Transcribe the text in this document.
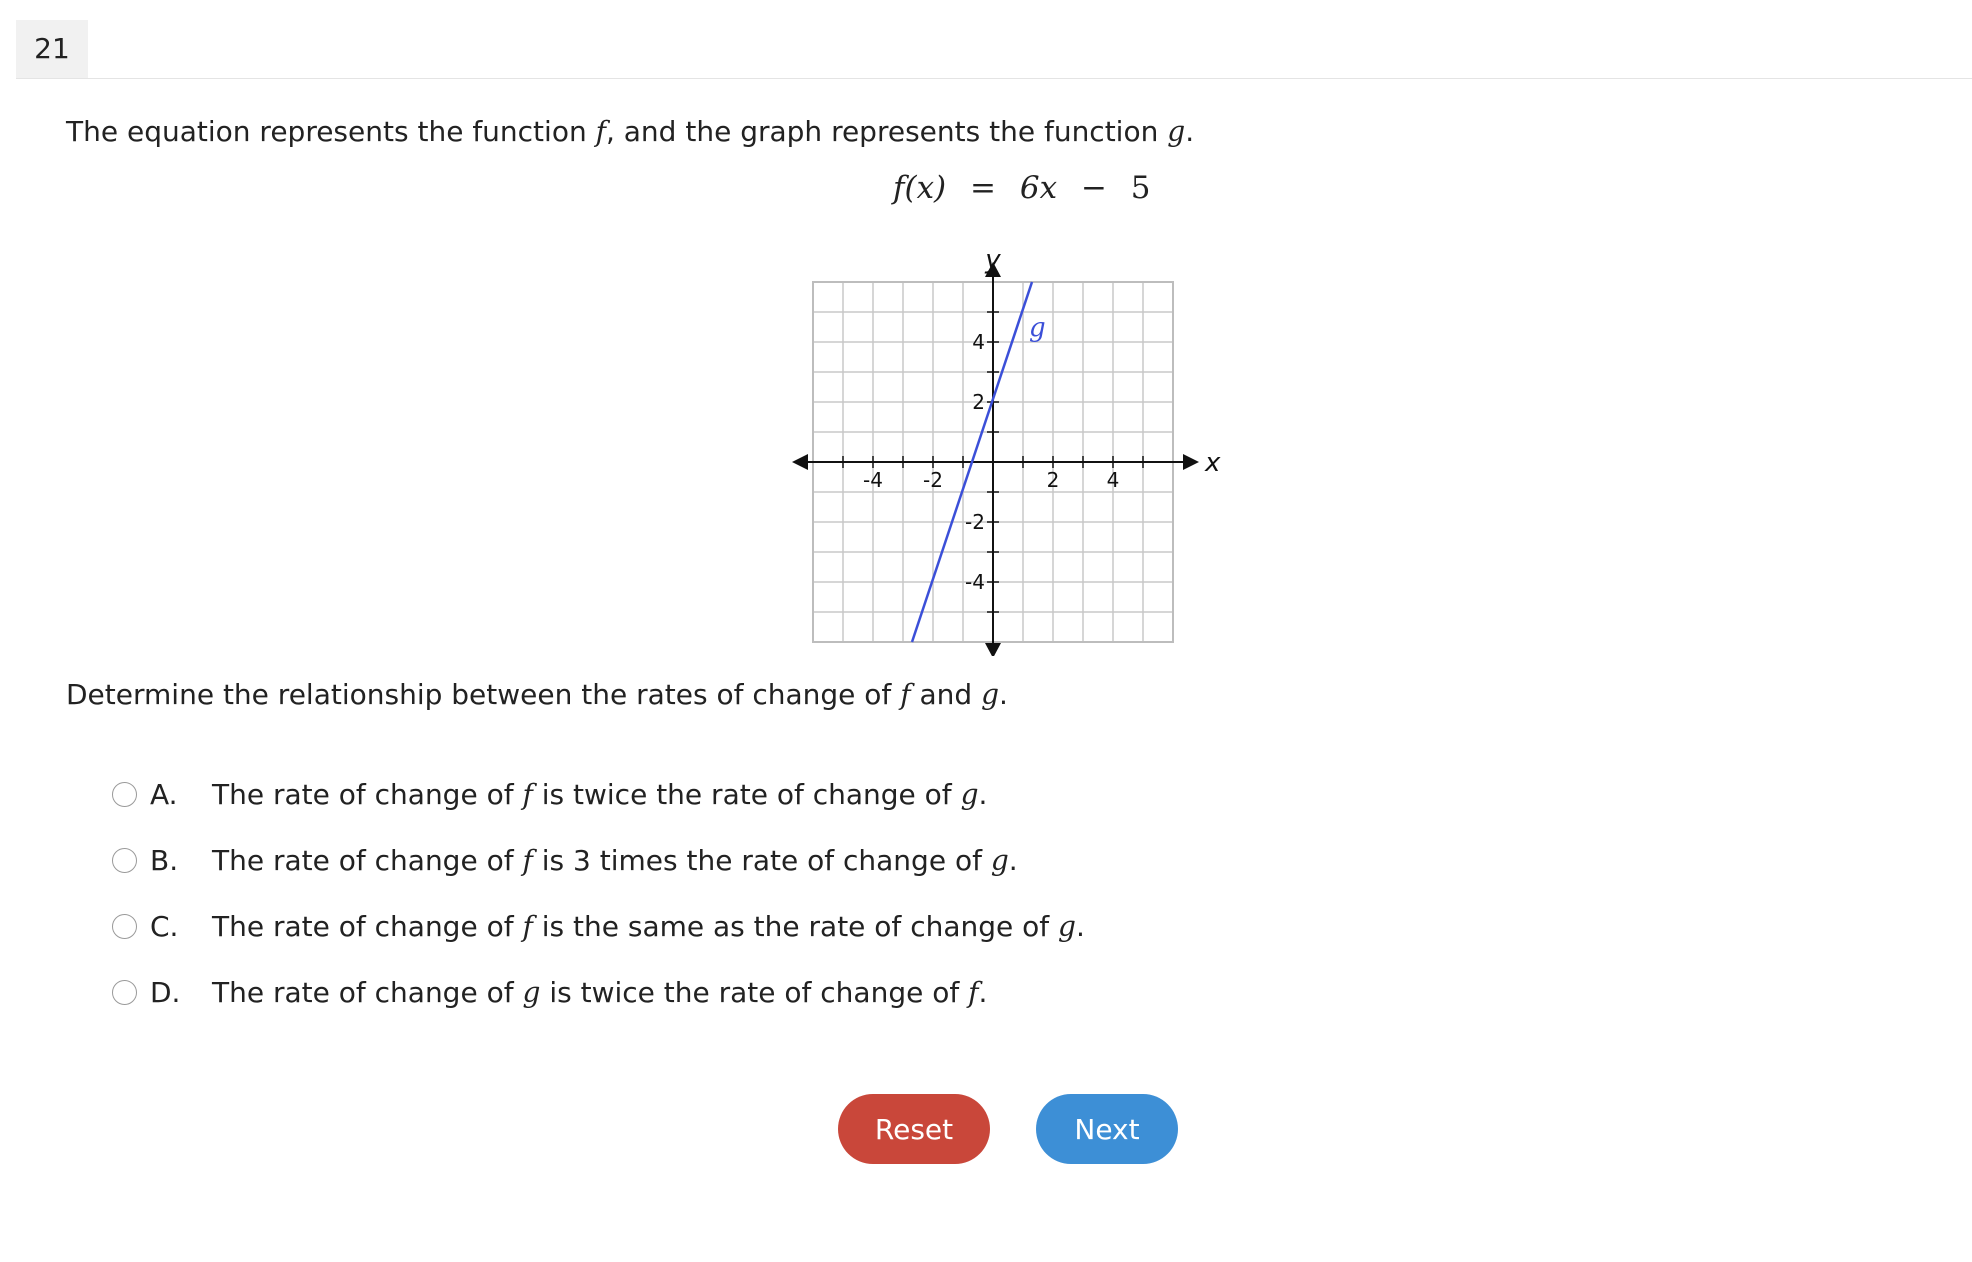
21
The equation represents the function f, and the graph represents the function g.
f(x) = 6x − 5
-4 -2	2 4
4
2
-2
-4
x
y
g
Determine the relationship between the rates of change of f and g.
A.	The rate of change of f is twice the rate of change of g.
B.	The rate of change of f is 3 times the rate of change of g.
C.	The rate of change of f is the same as the rate of change of g.
D.	The rate of change of g is twice the rate of change of f.
Reset	Next
